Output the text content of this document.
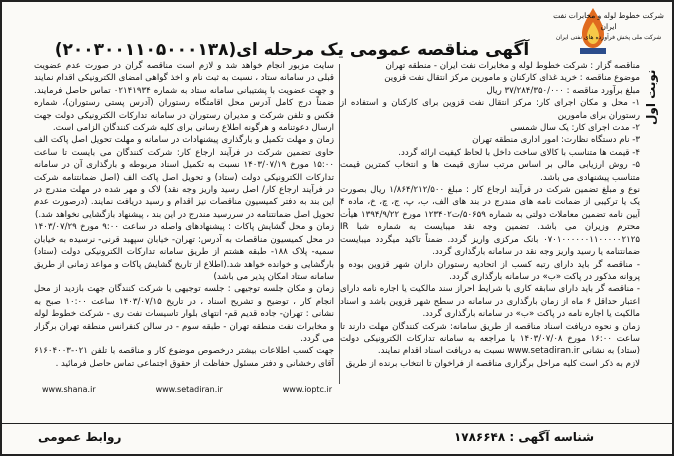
شرکت خطوط لوله و مخابرات نفت ایران
شرکت ملی پخش فرآورده های نفتی ایران
نوبت اول
آگهی مناقصه عمومی یک مرحله ای(۲۰۰۳۰۰۱۱۰۵۰۰۰۱۳۸)

مناقصه گزار : شرکت خطوط لوله و مخابرات نفت ایران - منطقه تهران

موضوع مناقصه : خرید غذای کارکنان و مامورین مرکز انتقال نفت قزوین

مبلغ برآورد مناقصه : ۳۷/۲۸۴/۳۵۰/۰۰۰ ریال

۱- محل و مکان اجرای کار: مرکز انتقال نفت قزوین برای کارکنان و استفاده از رستوران برای مامورین

۲- مدت اجرای کار: یک سال شمسی

۳- نام دستگاه نظارت: امور اداری منطقه تهران

۴- قیمت ها متناسب با کالای ساخت داخل با لحاظ کیفیت ارائه گردد.

۵- روش ارزیابی مالی بر اساس مرتب سازی قیمت ها و انتخاب کمترین قیمت متناسب پیشنهادی می باشد.

نوع و مبلغ تضمین شرکت در فرآیند ارجاع کار : مبلغ ۱/۸۶۴/۲۱۲/۵۰۰ ریال بصورت یک یا ترکیبی از ضمانت نامه های مندرج در بند های الف، ب، پ، ج، چ، خ، ماده ۴ آیین نامه تضمین معاملات دولتی به شماره ۵۰۶۵۹/ت۱۲۳۴۰۲ مورخ ۱۳۹۴/۹/۲۲ هیأت محترم وزیران می باشد. تضمین وجه نقد میبایست به شماره شبا IR ۰۷۰۱۰۰۰۰۰۰۱۱۰۰۰۰۰۲۱۲۵ بانک مرکزی واریز گردد. ضمناً تاکید میگردد میبایست ضمانتنامه یا رسید واریز وجه نقد در سامانه بارگذاری گردد.

- مناقصه گر باید دارای رتبه کسب از اتحادیه رستوران داران شهر قزوین بوده و پروانه مذکور در پاکت «ب» در سامانه بارگذاری گردد.

- مناقصه گر باید دارای سابقه کاری با شرایط احراز سند مالکیت یا اجاره نامه دارای اعتبار حداقل ۶ ماه از زمان بارگذاری در سامانه در سطح شهر قزوین باشد و اسناد مالکیت یا اجاره نامه در پاکت «ب» در سامانه بارگذاری گردد.

زمان و نحوه دریافت اسناد مناقصه از طریق سامانه: شرکت کنندگان مهلت دارند تا ساعت ۱۶:۰۰ مورخ ۱۴۰۳/۰۷/۰۸ با مراجعه به سامانه تدارکات الکترونیکی دولت (ستاد) به نشانی www.setadiran.ir نسبت به دریافت اسناد اقدام نمایند.

لازم به ذکر است کلیه مراحل برگزاری مناقصه از فراخوان تا انتخاب برنده از طریق

سایت مزبور انجام خواهد شد و لازم است مناقصه گران در صورت عدم عضویت قبلی در سامانه ستاد ، نسبت به ثبت نام و اخذ گواهی امضای الکترونیکی اقدام نمایند و جهت عضویت با پشتیبانی سامانه ستاد به شماره ۰۲۱۴۱۹۳۴ تماس حاصل فرمایند. ضمناً درج کامل آدرس محل اقامتگاه رستوران (آدرس پستی رستوران)، شماره فکس و تلفن شرکت و مدیران رستوران در سامانه تدارکات الکترونیکی دولت جهت ارسال دعوتنامه و هرگونه اطلاع رسانی برای کلیه شرکت کنندگان الزامی است.

زمان و مهلت تکمیل و بارگذاری پیشنهادات در سامانه و مهلت تحویل اصل پاکت الف حاوی تضمین شرکت در فرآیند ارجاع کار: شرکت کنندگان می بایست تا ساعت ۱۵:۰۰ مورخ ۱۴۰۳/۰۷/۱۹ نسبت به تکمیل اسناد مربوطه و بارگذاری آن در سامانه تدارکات الکترونیکی دولت (ستاد) و تحویل اصل پاکت الف (اصل ضمانتنامه شرکت در فرآیند ارجاع کار/ اصل رسید واریز وجه نقد) لاک و مهر شده در مهلت مندرج در این بند به دفتر کمیسیون مناقصات نیز اقدام و رسید دریافت نمایند. (درصورت عدم تحویل اصل ضمانتنامه در سررسید مندرج در این بند ، پیشنهاد بازگشایی نخواهد شد.)

زمان و محل گشایش پاکات : پیشنهادهای واصله در ساعت ۹:۰۰ مورخ ۱۴۰۳/۰۷/۲۹ در محل کمیسیون مناقصات به آدرس: تهران- خیابان سپهبد قرنی- نرسیده به خیابان سمیه- پلاک ۱۸۸- طبقه هشتم از طریق سامانه تدارکات الکترونیکی دولت (ستاد) بارگشایی و خوانده خواهد شد.(اطلاع از تاریخ گشایش پاکات و مواعد زمانی از طریق سامانه ستاد امکان پذیر می باشد)

زمان و مکان جلسه توجیهی : جلسه توجیهی با شرکت کنندگان جهت بازدید از محل انجام کار ، توضیح و تشریح اسناد ، در تاریخ ۱۴۰۳/۰۷/۱۵ ساعت ۱۰:۰۰ صبح به نشانی : تهران- جاده قدیم قم- انتهای بلوار تاسیسات نفت ری - شرکت خطوط لوله و مخابرات نفت منطقه تهران - طبقه سوم - در سالن کنفرانس منطقه تهران برگزار می گردد.

جهت کسب اطلاعات بیشتر درخصوص موضوع کار و مناقصه با تلفن ۰۲۱-۶۱۶۰۴۰۰۳ آقای رخشانی و دفتر مسئول حفاظت از حقوق اجتماعی تماس حاصل فرمائید .

www.shana.ir	www.setadiran.ir	www.ioptc.ir
شناسه آگهی : ۱۷۸۶۶۴۸
روابط عمومی
